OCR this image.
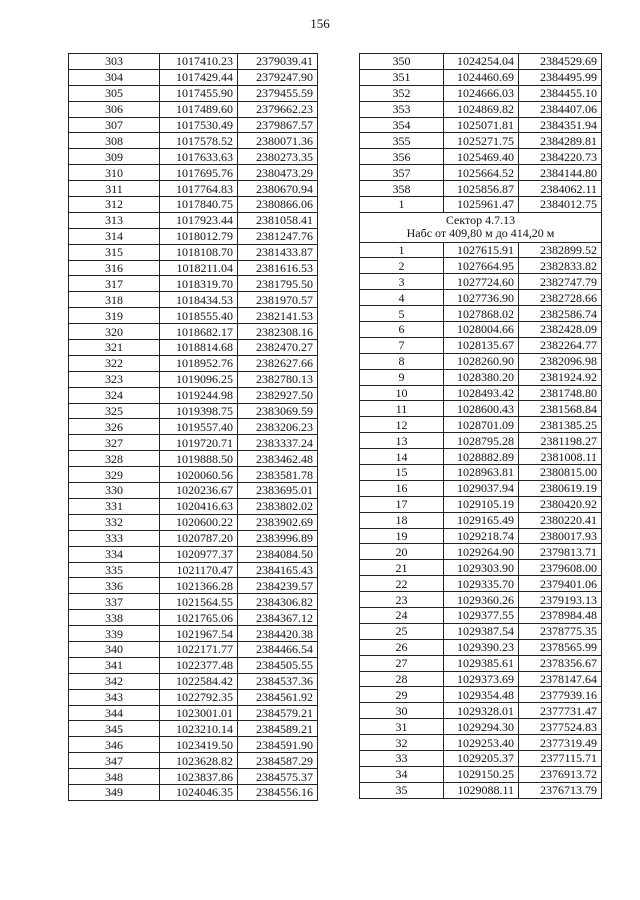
156
303	1017410.23	2379039.41
304	1017429.44	2379247.90
305	1017455.90	2379455.59
306	1017489.60	2379662.23
307	1017530.49	2379867.57
308	1017578.52	2380071.36
309	1017633.63	2380273.35
310	1017695.76	2380473.29
311	1017764.83	2380670.94
312	1017840.75	2380866.06
313	1017923.44	2381058.41
314	1018012.79	2381247.76
315	1018108.70	2381433.87
316	1018211.04	2381616.53
317	1018319.70	2381795.50
318	1018434.53	2381970.57
319	1018555.40	2382141.53
320	1018682.17	2382308.16
321	1018814.68	2382470.27
322	1018952.76	2382627.66
323	1019096.25	2382780.13
324	1019244.98	2382927.50
325	1019398.75	2383069.59
326	1019557.40	2383206.23
327	1019720.71	2383337.24
328	1019888.50	2383462.48
329	1020060.56	2383581.78
330	1020236.67	2383695.01
331	1020416.63	2383802.02
332	1020600.22	2383902.69
333	1020787.20	2383996.89
334	1020977.37	2384084.50
335	1021170.47	2384165.43
336	1021366.28	2384239.57
337	1021564.55	2384306.82
338	1021765.06	2384367.12
339	1021967.54	2384420.38
340	1022171.77	2384466.54
341	1022377.48	2384505.55
342	1022584.42	2384537.36
343	1022792.35	2384561.92
344	1023001.01	2384579.21
345	1023210.14	2384589.21
346	1023419.50	2384591.90
347	1023628.82	2384587.29
348	1023837.86	2384575.37
349	1024046.35	2384556.16
350	1024254.04	2384529.69
351	1024460.69	2384495.99
352	1024666.03	2384455.10
353	1024869.82	2384407.06
354	1025071.81	2384351.94
355	1025271.75	2384289.81
356	1025469.40	2384220.73
357	1025664.52	2384144.80
358	1025856.87	2384062.11
1	1025961.47	2384012.75
Сектор 4.7.13
Набс от 409,80 м до 414,20 м		
1	1027615.91	2382899.52
2	1027664.95	2382833.82
3	1027724.60	2382747.79
4	1027736.90	2382728.66
5	1027868.02	2382586.74
6	1028004.66	2382428.09
7	1028135.67	2382264.77
8	1028260.90	2382096.98
9	1028380.20	2381924.92
10	1028493.42	2381748.80
11	1028600.43	2381568.84
12	1028701.09	2381385.25
13	1028795.28	2381198.27
14	1028882.89	2381008.11
15	1028963.81	2380815.00
16	1029037.94	2380619.19
17	1029105.19	2380420.92
18	1029165.49	2380220.41
19	1029218.74	2380017.93
20	1029264.90	2379813.71
21	1029303.90	2379608.00
22	1029335.70	2379401.06
23	1029360.26	2379193.13
24	1029377.55	2378984.48
25	1029387.54	2378775.35
26	1029390.23	2378565.99
27	1029385.61	2378356.67
28	1029373.69	2378147.64
29	1029354.48	2377939.16
30	1029328.01	2377731.47
31	1029294.30	2377524.83
32	1029253.40	2377319.49
33	1029205.37	2377115.71
34	1029150.25	2376913.72
35	1029088.11	2376713.79
